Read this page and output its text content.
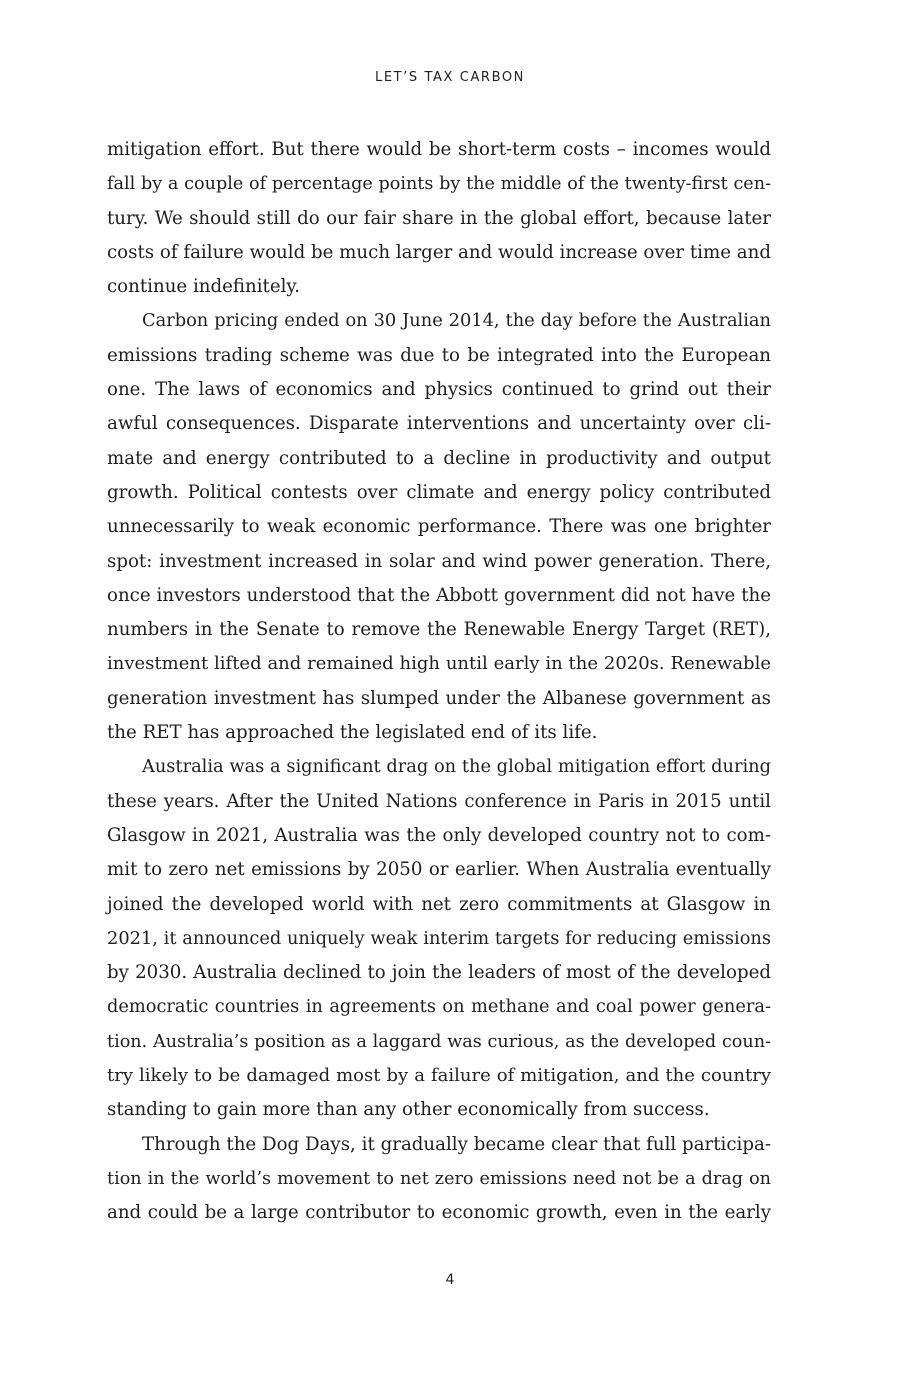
LET’S TAX CARBON
mitigation effort. But there would be short-term costs – incomes would
fall by a couple of percentage points by the middle of the twenty-first cen-
tury. We should still do our fair share in the global effort, because later
costs of failure would be much larger and would increase over time and
continue indefinitely.
Carbon pricing ended on 30 June 2014, the day before the Australian
emissions trading scheme was due to be integrated into the European
one. The laws of economics and physics continued to grind out their
awful consequences. Disparate interventions and uncertainty over cli-
mate and energy contributed to a decline in productivity and output
growth. Political contests over climate and energy policy contributed
unnecessarily to weak economic performance. There was one brighter
spot: investment increased in solar and wind power generation. There,
once investors understood that the Abbott government did not have the
numbers in the Senate to remove the Renewable Energy Target (RET),
investment lifted and remained high until early in the 2020s. Renewable
generation investment has slumped under the Albanese government as
the RET has approached the legislated end of its life.
Australia was a significant drag on the global mitigation effort during
these years. After the United Nations conference in Paris in 2015 until
Glasgow in 2021, Australia was the only developed country not to com-
mit to zero net emissions by 2050 or earlier. When Australia eventually
joined the developed world with net zero commitments at Glasgow in
2021, it announced uniquely weak interim targets for reducing emissions
by 2030. Australia declined to join the leaders of most of the developed
democratic countries in agreements on methane and coal power genera-
tion. Australia’s position as a laggard was curious, as the developed coun-
try likely to be damaged most by a failure of mitigation, and the country
standing to gain more than any other economically from success.
Through the Dog Days, it gradually became clear that full participa-
tion in the world’s movement to net zero emissions need not be a drag on
and could be a large contributor to economic growth, even in the early
4
